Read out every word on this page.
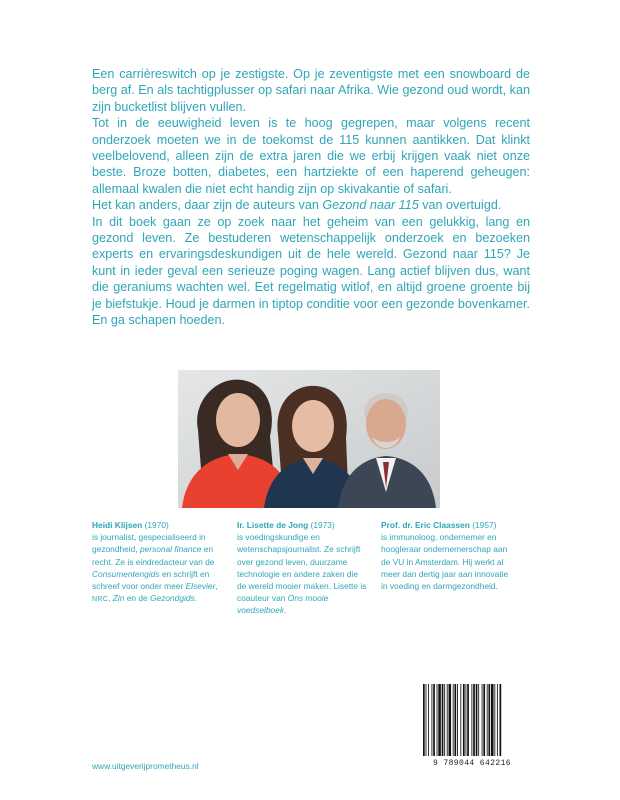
Een carrièreswitch op je zestigste. Op je zeventigste met een snowboard de berg af. En als tachtigplusser op safari naar Afrika. Wie gezond oud wordt, kan zijn bucketlist blijven vullen.

Tot in de eeuwigheid leven is te hoog gegrepen, maar volgens recent onderzoek moeten we in de toekomst de 115 kunnen aantikken. Dat klinkt veelbelovend, alleen zijn de extra jaren die we erbij krijgen vaak niet onze beste. Broze botten, diabetes, een hartziekte of een haperend geheugen: allemaal kwalen die niet echt handig zijn op skivakantie of safari.

Het kan anders, daar zijn de auteurs van Gezond naar 115 van overtuigd.

In dit boek gaan ze op zoek naar het geheim van een gelukkig, lang en gezond leven. Ze bestuderen wetenschappelijk onderzoek en bezoeken experts en ervaringsdeskundigen uit de hele wereld. Gezond naar 115? Je kunt in ieder geval een serieuze poging wagen. Lang actief blijven dus, want die geraniums wachten wel. Eet regelmatig witlof, en altijd groene groente bij je biefstukje. Houd je darmen in tiptop conditie voor een gezonde bovenkamer. En ga schapen hoeden.

Heidi Klijsen (1970)
is journalist, gespecialiseerd in gezondheid, personal finance en recht. Ze is eindredacteur van de Consumentengids en schrijft en schreef voor onder meer Elsevier, NRC, Zin en de Gezondgids.
Ir. Lisette de Jong (1973)
is voedingskundige en wetenschapsjournalist. Ze schrijft over gezond leven, duurzame technologie en andere zaken die de wereld mooier maken. Lisette is coauteur van Ons mooie voedselboek.
Prof. dr. Eric Claassen (1957)
is immunoloog, ondernemer en hoogleraar ondernemerschap aan de VU in Amsterdam. Hij werkt al meer dan dertig jaar aan innovatie in voeding en darmgezondheid.
www.uitgeverijprometheus.nl	9 789044 642216
